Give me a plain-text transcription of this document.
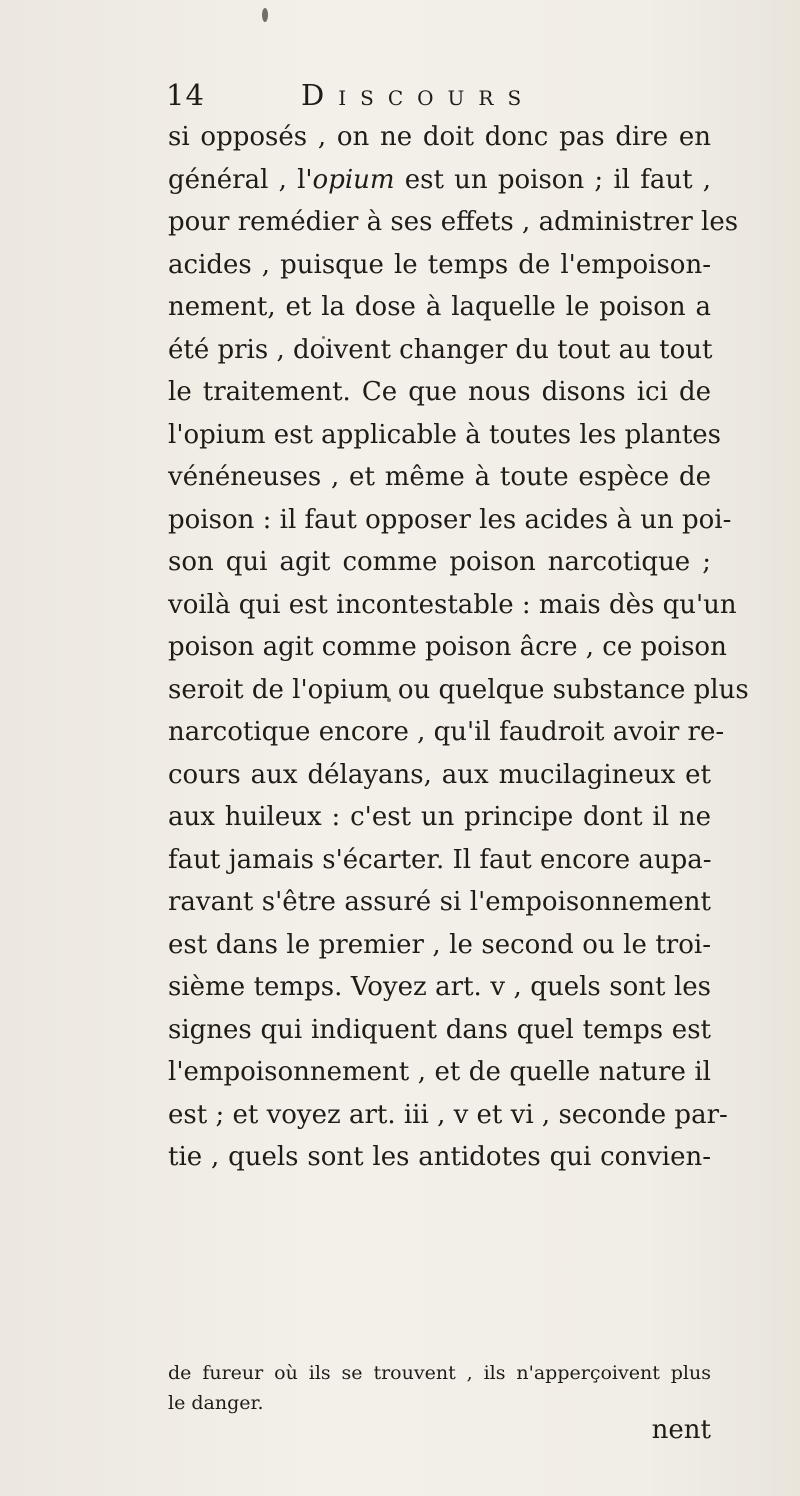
14	Discours
si opposés , on ne doit donc pas dire en
général , l'opium est un poison ; il faut ,
pour remédier à ses effets , administrer les
acides , puisque le temps de l'empoison-
nement, et la dose à laquelle le poison a
été pris , doivent changer du tout au tout
le traitement. Ce que nous disons ici de
l'opium est applicable à toutes les plantes
vénéneuses , et même à toute espèce de
poison : il faut opposer les acides à un poi-
son qui agit comme poison narcotique ;
voilà qui est incontestable : mais dès qu'un
poison agit comme poison âcre , ce poison
seroit de l'opium ou quelque substance plus
narcotique encore , qu'il faudroit avoir re-
cours aux délayans, aux mucilagineux et
aux huileux : c'est un principe dont il ne
faut jamais s'écarter. Il faut encore aupa-
ravant s'être assuré si l'empoisonnement
est dans le premier , le second ou le troi-
sième temps. Voyez art. v , quels sont les
signes qui indiquent dans quel temps est
l'empoisonnement , et de quelle nature il
est ; et voyez art. iii , v et vi , seconde par-
tie , quels sont les antidotes qui convien-
de fureur où ils se trouvent , ils n'apperçoivent plus
le danger.
nent
